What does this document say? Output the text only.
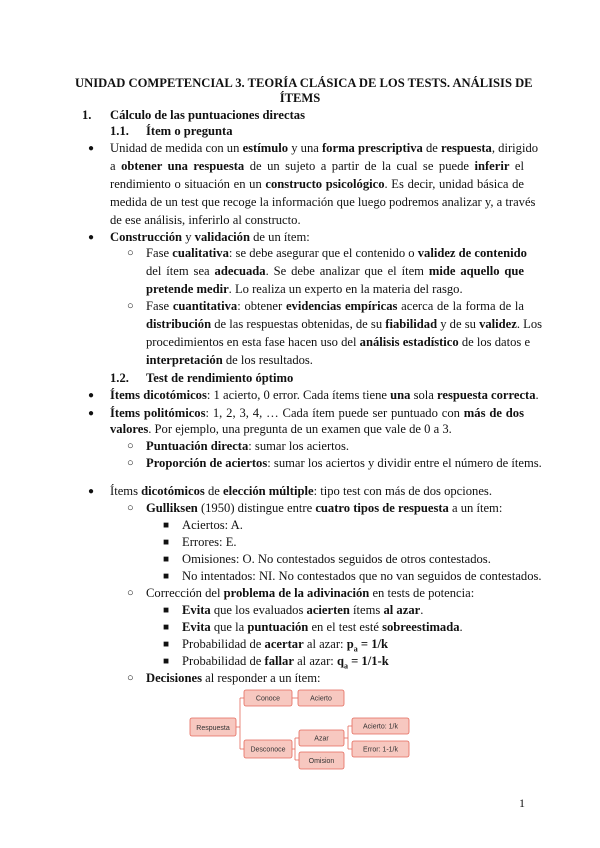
UNIDAD COMPETENCIAL 3. TEORÍA CLÁSICA DE LOS TESTS. ANÁLISIS DE
ÍTEMS
1. Cálculo de las puntuaciones directas
1.1. Ítem o pregunta
● Unidad de medida con un estímulo y una forma prescriptiva de respuesta, dirigido
a obtener una respuesta de un sujeto a partir de la cual se puede inferir el
rendimiento o situación en un constructo psicológico. Es decir, unidad básica de
medida de un test que recoge la información que luego podremos analizar y, a través
de ese análisis, inferirlo al constructo.
● Construcción y validación de un ítem:
○ Fase cualitativa: se debe asegurar que el contenido o validez de contenido
del ítem sea adecuada. Se debe analizar que el ítem mide aquello que
pretende medir. Lo realiza un experto en la materia del rasgo.
○ Fase cuantitativa: obtener evidencias empíricas acerca de la forma de la
distribución de las respuestas obtenidas, de su fiabilidad y de su validez. Los
procedimientos en esta fase hacen uso del análisis estadístico de los datos e
interpretación de los resultados.
1.2. Test de rendimiento óptimo
● Ítems dicotómicos: 1 acierto, 0 error. Cada ítems tiene una sola respuesta correcta.
● Ítems politómicos: 1, 2, 3, 4, … Cada ítem puede ser puntuado con más de dos
valores. Por ejemplo, una pregunta de un examen que vale de 0 a 3.
○ Puntuación directa: sumar los aciertos.
○ Proporción de aciertos: sumar los aciertos y dividir entre el número de ítems.
● Ítems dicotómicos de elección múltiple: tipo test con más de dos opciones.
○ Gulliksen (1950) distingue entre cuatro tipos de respuesta a un ítem:
■ Aciertos: A.
■ Errores: E.
■ Omisiones: O. No contestados seguidos de otros contestados.
■ No intentados: NI. No contestados que no van seguidos de contestados.
○ Corrección del problema de la adivinación en tests de potencia:
■ Evita que los evaluados acierten ítems al azar.
■ Evita que la puntuación en el test esté sobreestimada.
■ Probabilidad de acertar al azar: $p_a = 1/k$
■ Probabilidad de fallar al azar: $q_a = 1/1-k$
○ Decisiones al responder a un ítem:
Respuesta
Conoce	Acierto
Desconoce
Azar
Omision
Acierto: 1/k
Error: 1-1/k
1
